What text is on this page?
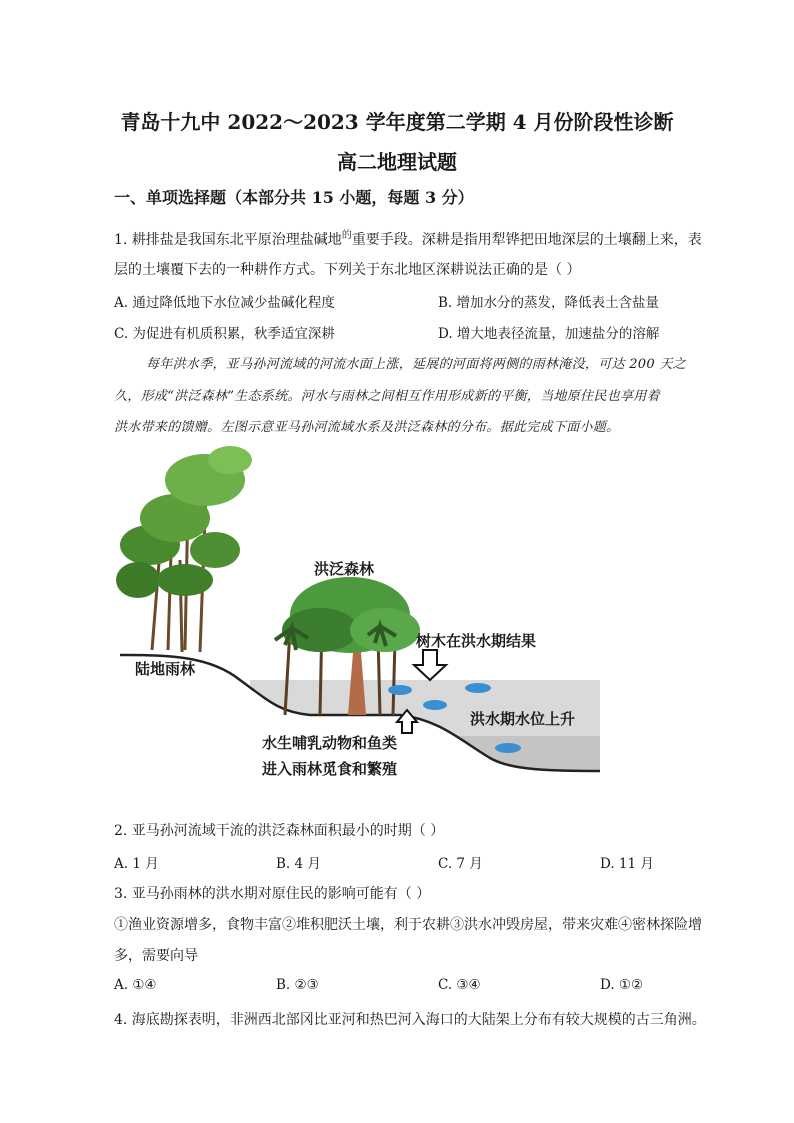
青岛十九中 2022～2023 学年度第二学期 4 月份阶段性诊断
高二地理试题
一、单项选择题（本部分共 15 小题，每题 3 分）
1. 耕排盐是我国东北平原治理盐碱地$^的$重要手段。深耕是指用犁铧把田地深层的土壤翻上来，表
层的土壤覆下去的一种耕作方式。下列关于东北地区深耕说法正确的是（ ）
A. 通过降低地下水位减少盐碱化程度	B. 增加水分的蒸发，降低表土含盐量
C. 为促进有机质积累，秋季适宜深耕	D. 增大地表径流量，加速盐分的溶解
每年洪水季，亚马孙河流域的河流水面上涨，延展的河面将两侧的雨林淹没，可达 200 天之
久，形成“洪泛森林”生态系统。河水与雨林之间相互作用形成新的平衡，当地原住民也享用着
洪水带来的馈赠。左图示意亚马孙河流域水系及洪泛森林的分布。据此完成下面小题。
洪泛森林
树木在洪水期结果
陆地雨林
洪水期水位上升
水生哺乳动物和鱼类
进入雨林觅食和繁殖
2. 亚马孙河流域干流的洪泛森林面积最小的时期（ ）
A. 1 月	B. 4 月	C. 7 月	D. 11 月
3. 亚马孙雨林的洪水期对原住民的影响可能有（ ）
①渔业资源增多，食物丰富②堆积肥沃土壤，利于农耕③洪水冲毁房屋，带来灾难④密林探险增
多，需要向导
A. ①④	B. ②③	C. ③④	D. ①②
4. 海底勘探表明，非洲西北部冈比亚河和热巴河入海口的大陆架上分布有较大规模的古三角洲。
